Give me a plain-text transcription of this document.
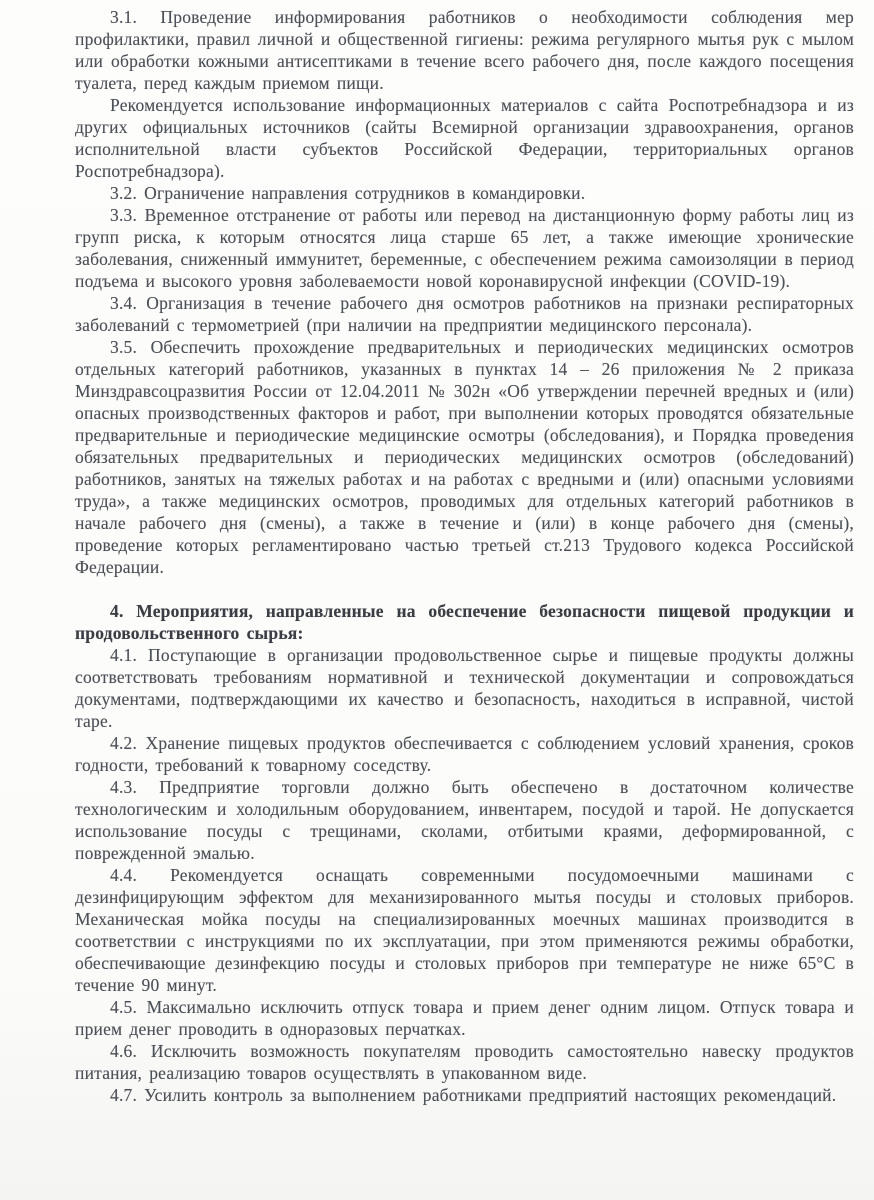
3.1. Проведение информирования работников о необходимости соблюдения мер профилактики, правил личной и общественной гигиены: режима регулярного мытья рук с мылом или обработки кожными антисептиками в течение всего рабочего дня, после каждого посещения туалета, перед каждым приемом пищи.

Рекомендуется использование информационных материалов с сайта Роспотребнадзора и из других официальных источников (сайты Всемирной организации здравоохранения, органов исполнительной власти субъектов Российской Федерации, территориальных органов Роспотребнадзора).

3.2. Ограничение направления сотрудников в командировки.

3.3. Временное отстранение от работы или перевод на дистанционную форму работы лиц из групп риска, к которым относятся лица старше 65 лет, а также имеющие хронические заболевания, сниженный иммунитет, беременные, с обеспечением режима самоизоляции в период подъема и высокого уровня заболеваемости новой коронавирусной инфекции (COVID-19).

3.4. Организация в течение рабочего дня осмотров работников на признаки респираторных заболеваний с термометрией (при наличии на предприятии медицинского персонала).

3.5. Обеспечить прохождение предварительных и периодических медицинских осмотров отдельных категорий работников, указанных в пунктах 14 – 26 приложения № 2 приказа Минздравсоцразвития России от 12.04.2011 № 302н «Об утверждении перечней вредных и (или) опасных производственных факторов и работ, при выполнении которых проводятся обязательные предварительные и периодические медицинские осмотры (обследования), и Порядка проведения обязательных предварительных и периодических медицинских осмотров (обследований) работников, занятых на тяжелых работах и на работах с вредными и (или) опасными условиями труда», а также медицинских осмотров, проводимых для отдельных категорий работников в начале рабочего дня (смены), а также в течение и (или) в конце рабочего дня (смены), проведение которых регламентировано частью третьей ст.213 Трудового кодекса Российской Федерации.

4. Мероприятия, направленные на обеспечение безопасности пищевой продукции и продовольственного сырья:

4.1. Поступающие в организации продовольственное сырье и пищевые продукты должны соответствовать требованиям нормативной и технической документации и сопровождаться документами, подтверждающими их качество и безопасность, находиться в исправной, чистой таре.

4.2. Хранение пищевых продуктов обеспечивается с соблюдением условий хранения, сроков годности, требований к товарному соседству.

4.3. Предприятие торговли должно быть обеспечено в достаточном количестве технологическим и холодильным оборудованием, инвентарем, посудой и тарой. Не допускается использование посуды с трещинами, сколами, отбитыми краями, деформированной, с поврежденной эмалью.

4.4. Рекомендуется оснащать современными посудомоечными машинами с дезинфицирующим эффектом для механизированного мытья посуды и столовых приборов. Механическая мойка посуды на специализированных моечных машинах производится в соответствии с инструкциями по их эксплуатации, при этом применяются режимы обработки, обеспечивающие дезинфекцию посуды и столовых приборов при температуре не ниже 65°С в течение 90 минут.

4.5. Максимально исключить отпуск товара и прием денег одним лицом. Отпуск товара и прием денег проводить в одноразовых перчатках.

4.6. Исключить возможность покупателям проводить самостоятельно навеску продуктов питания, реализацию товаров осуществлять в упакованном виде.

4.7. Усилить контроль за выполнением работниками предприятий настоящих рекомендаций.
